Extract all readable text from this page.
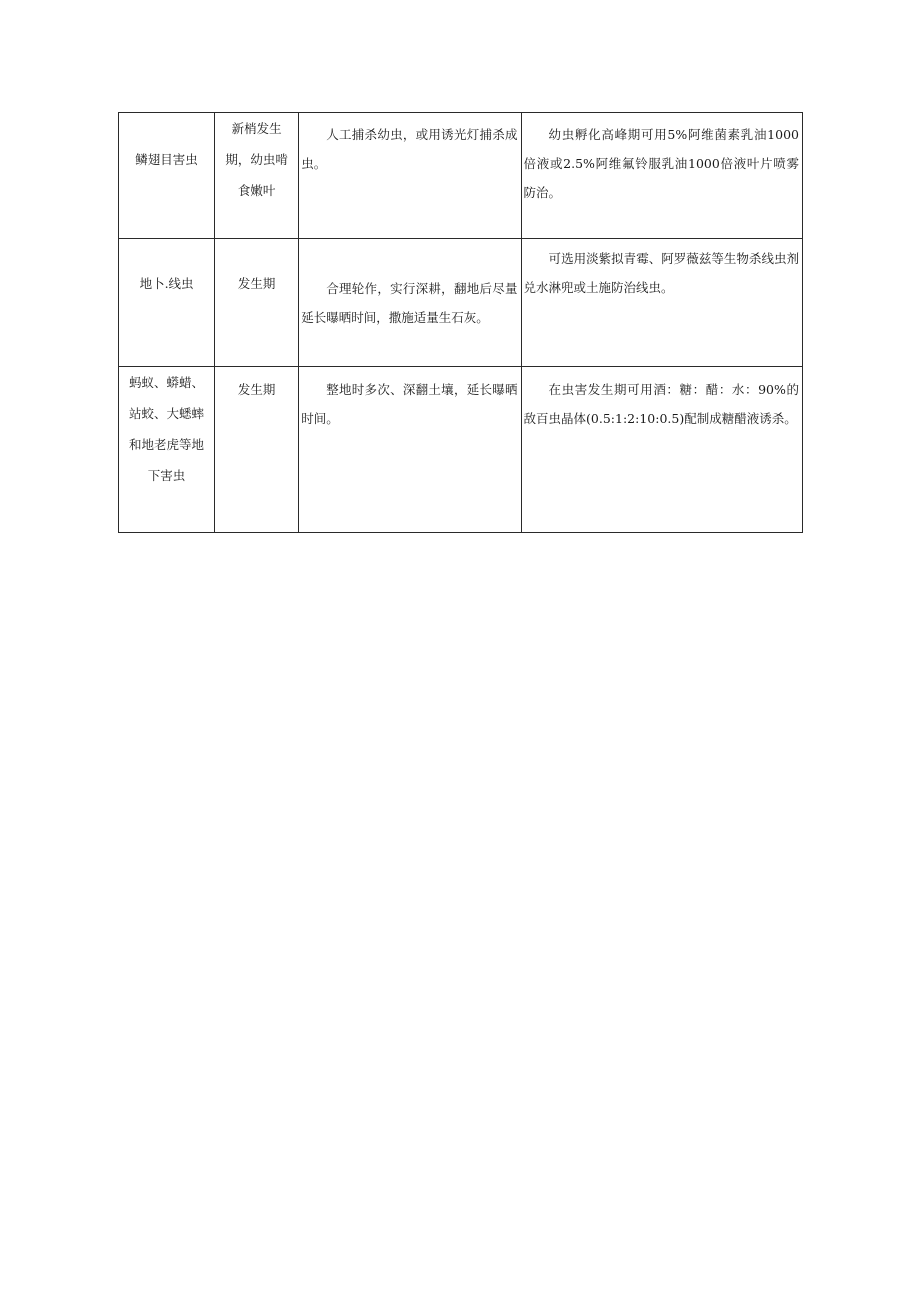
鳞翅目害虫	新梢发生期，幼虫啃食嫩叶	人工捕杀幼虫，或用诱光灯捕杀成虫。	幼虫孵化高峰期可用5%阿维菌素乳油1000倍液或2.5%阿维氟铃服乳油1000倍液叶片喷雾防治。
地卜.线虫	发生期	合理轮作，实行深耕，翻地后尽量延长曝晒时间，撒施适量生石灰。	可选用淡紫拟青霉、阿罗薇兹等生物杀线虫剂兑水淋兜或土施防治线虫。
蚂蚁、蟒蜡、站蛟、大蟋蟀和地老虎等地下害虫	发生期	整地时多次、深翻土壤，延长曝晒时间。	在虫害发生期可用酒：糖：醋：水：90%的敌百虫晶体(0.5:1:2:10:0.5)配制成糖醋液诱杀。
